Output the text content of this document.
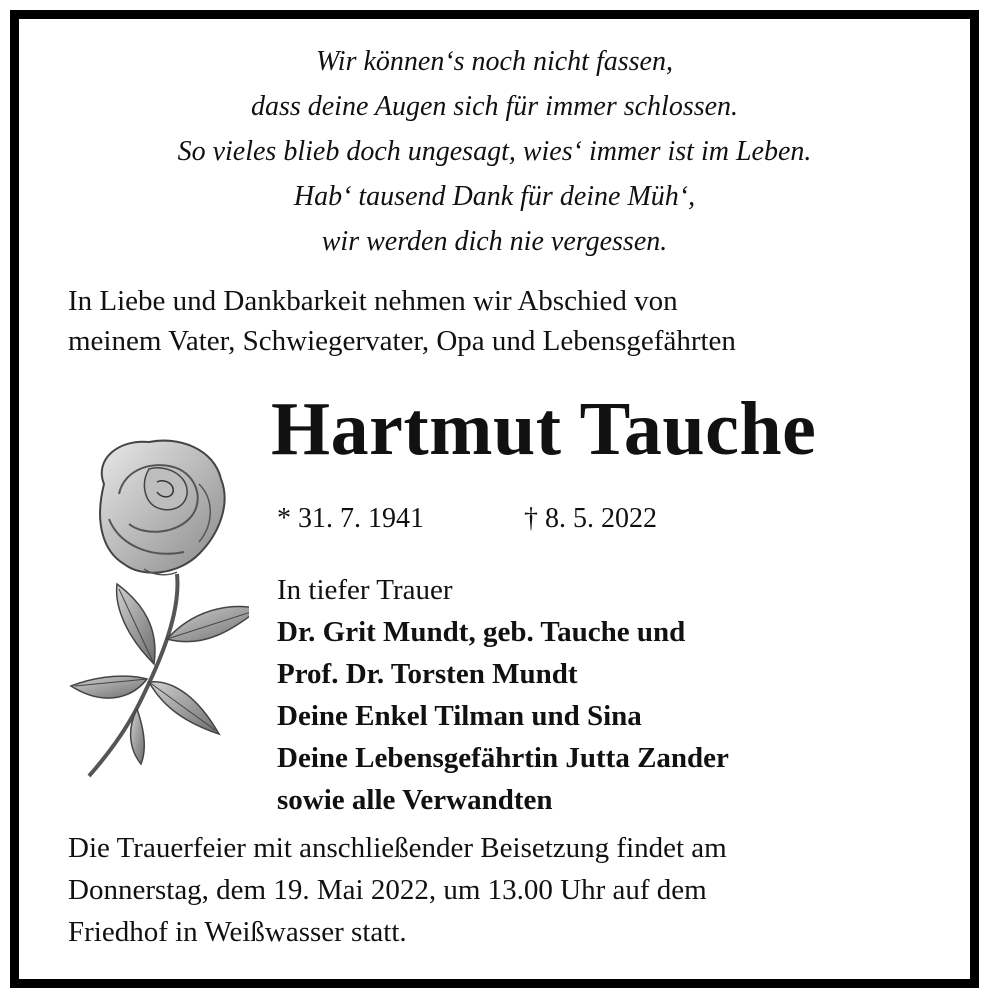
Wir können‘s noch nicht fassen,
dass deine Augen sich für immer schlossen.
So vieles blieb doch ungesagt, wies‘ immer ist im Leben.
Hab‘ tausend Dank für deine Müh‘,
wir werden dich nie vergessen.
In Liebe und Dankbarkeit nehmen wir Abschied von
meinem Vater, Schwiegervater, Opa und Lebensgefährten
Hartmut Tauche
* 31. 7. 1941	† 8. 5. 2022
In tiefer Trauer
Dr. Grit Mundt, geb. Tauche und
Prof. Dr. Torsten Mundt
Deine Enkel Tilman und Sina
Deine Lebensgefährtin Jutta Zander
sowie alle Verwandten
Die Trauerfeier mit anschließender Beisetzung findet am
Donnerstag, dem 19. Mai 2022, um 13.00 Uhr auf dem
Friedhof in Weißwasser statt.
